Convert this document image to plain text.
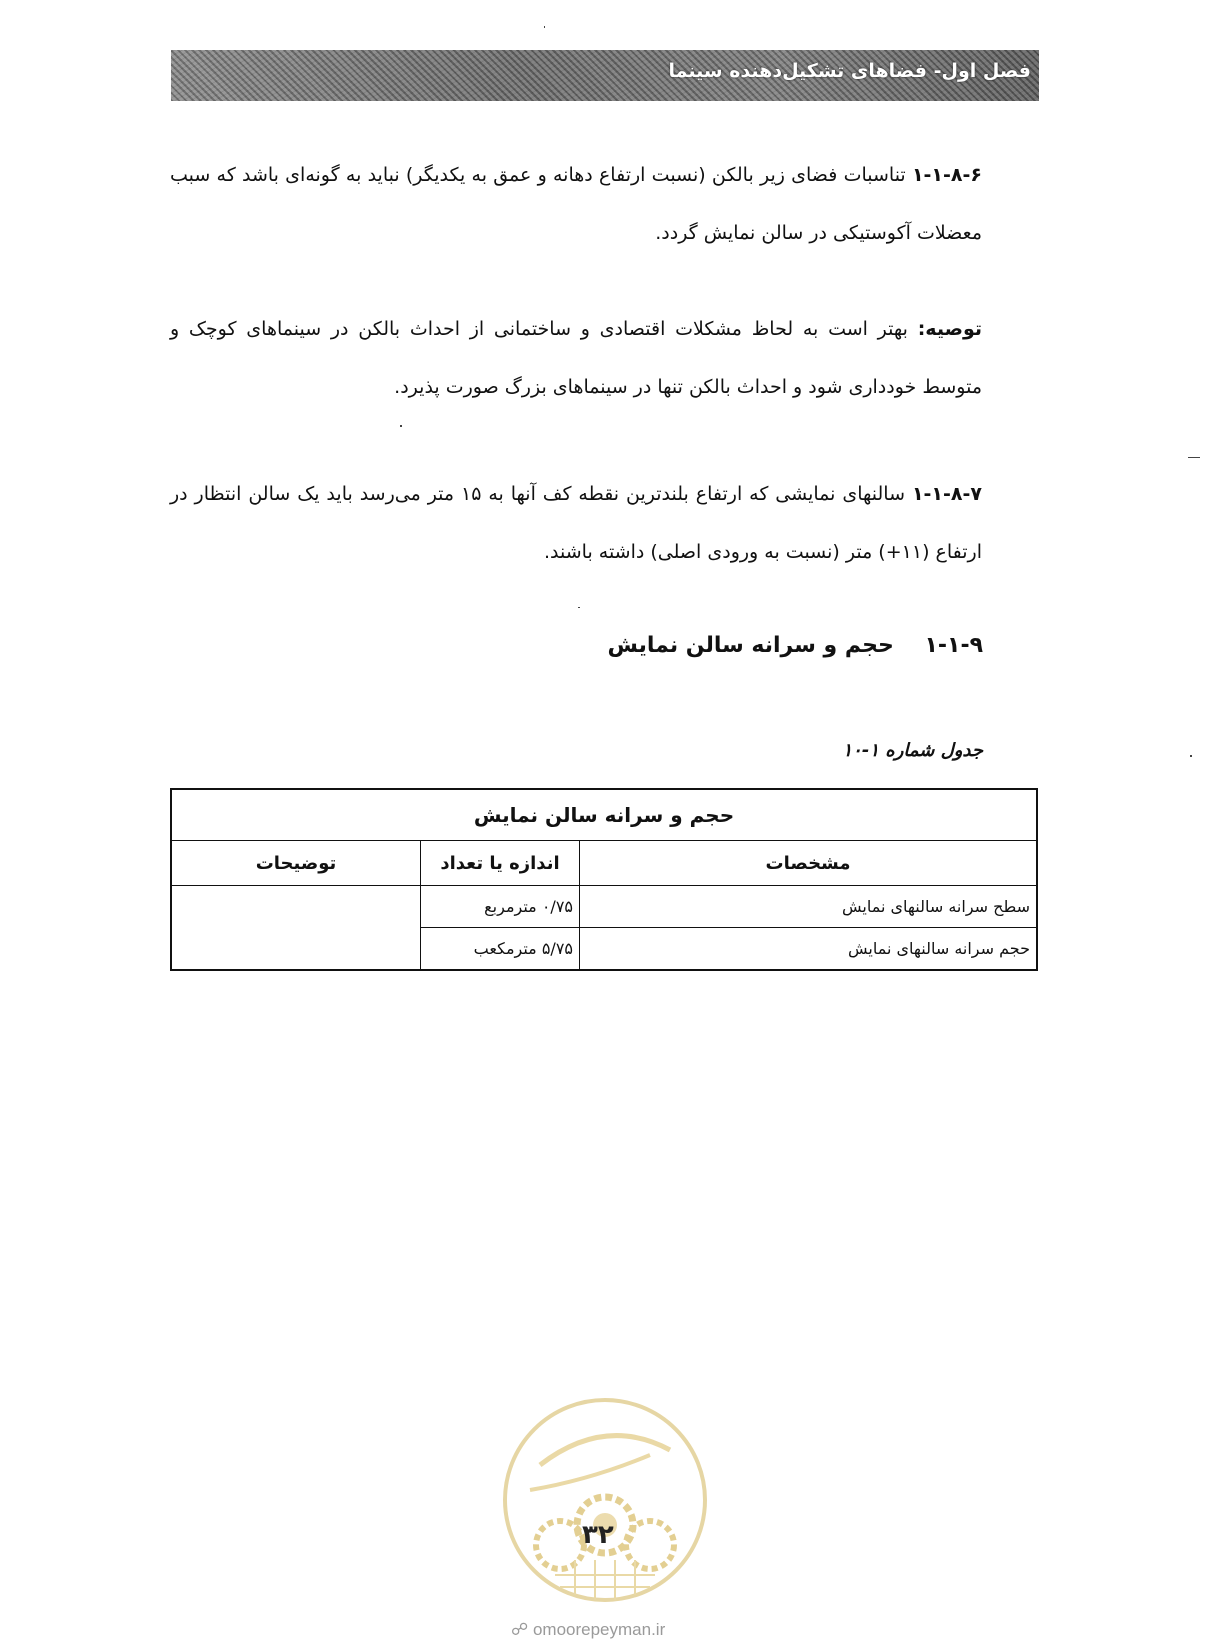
فصل اول- فضاهای تشکیل‌دهنده سینما
۱-۱-۸-۶ تناسبات فضای زیر بالکن (نسبت ارتفاع دهانه و عمق به یکدیگر) نباید به گونه‌ای باشد که سبب معضلات آکوستیکی در سالن نمایش گردد.
توصیه: بهتر است به لحاظ مشکلات اقتصادی و ساختمانی از احداث بالکن در سینماهای کوچک و متوسط خودداری شود و احداث بالکن تنها در سینماهای بزرگ صورت پذیرد.
۱-۱-۸-۷ سالنهای نمایشی که ارتفاع بلندترین نقطه کف آنها به ۱۵ متر می‌رسد باید یک سالن انتظار در ارتفاع (۱۱+) متر (نسبت به ورودی اصلی) داشته باشند.
۱-۱-۹    حجم و سرانه سالن نمایش
جدول شماره ۱-۱۰
حجم و سرانه سالن نمایش		
مشخصات	اندازه یا تعداد	توضیحات
سطح سرانه سالنهای نمایش	۰/۷۵ مترمربع	
حجم سرانه سالنهای نمایش	۵/۷۵ مترمکعب	
۳۲
☍ omoorepeyman.ir
